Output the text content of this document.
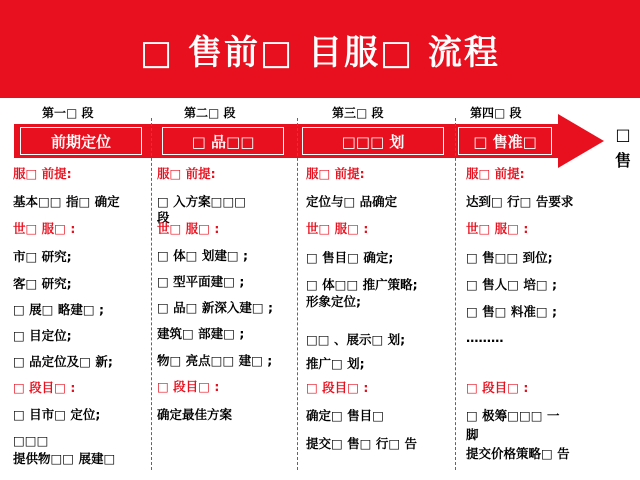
□ 售前□ 目服□ 流程
第一□ 段	第二□ 段	第三□ 段	第四□ 段
前期定位	□ 品□□	□□□ 划	□ 售准□	□ 售
服□ 前提:
基本□□ 指□ 确定
世□ 服□ :
市□ 研究;
客□ 研究;
□ 展□ 略建□ ;
□ 目定位;
□ 品定位及□ 新;
□ 段目□ :
□ 目市□ 定位;
□□□
提供物□□ 展建□
服□ 前提:
□ 入方案□□□
段
世□ 服□ :
□ 体□ 划建□ ;
□ 型平面建□ ;
□ 品□ 新深入建□ ;
建筑□ 部建□ ;
物□ 亮点□□ 建□ ;
□ 段目□ :
确定最佳方案
服□ 前提:
定位与□ 品确定
世□ 服□ :
□ 售目□ 确定;
□ 体□□ 推广策略;
形象定位;
□□ 、展示□ 划;
推广□ 划;
□ 段目□ :
确定□ 售目□
提交□ 售□ 行□ 告
服□ 前提:
达到□ 行□ 告要求
世□ 服□ :
□ 售□□ 到位;
□ 售人□ 培□ ;
□ 售□ 料准□ ;
………
□ 段目□ :
□ 极筹□□□ 一
脚
提交价格策略□ 告
